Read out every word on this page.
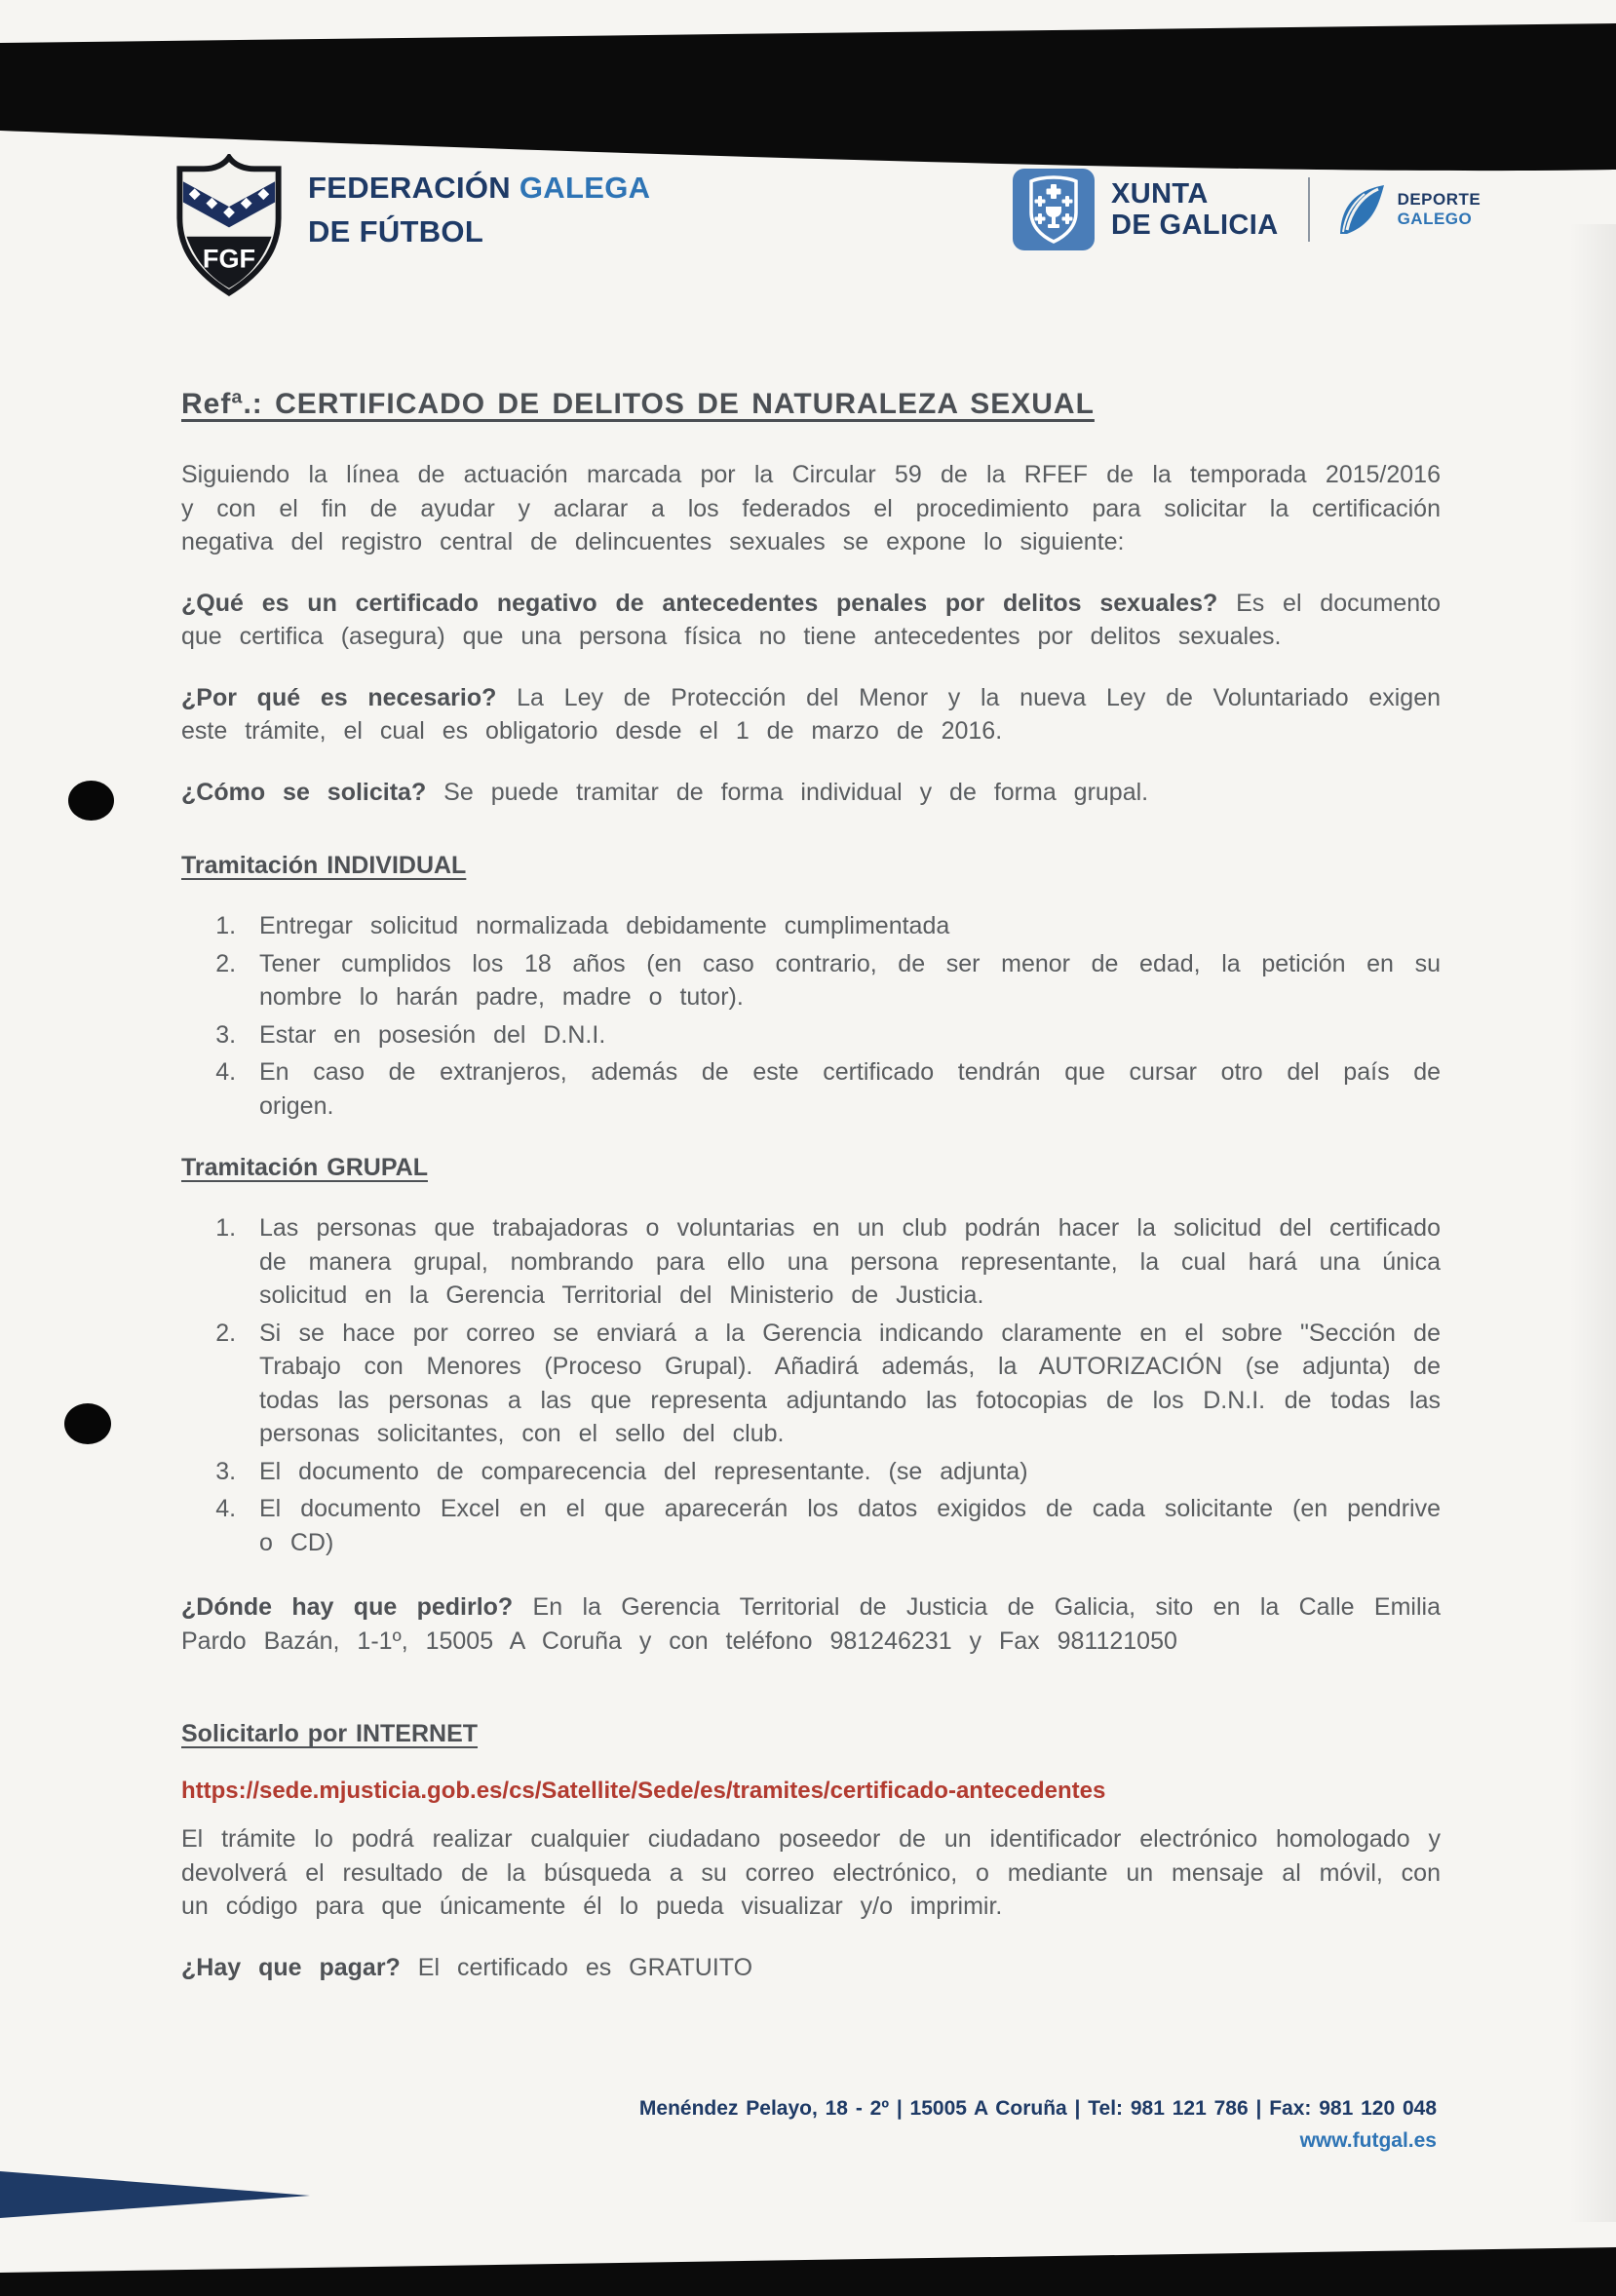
FGF
FEDERACIÓN GALEGA
DE FÚTBOL
XUNTA
DE GALICIA
DEPORTE
GALEGO
Refª.: CERTIFICADO DE DELITOS DE NATURALEZA SEXUAL

Siguiendo la línea de actuación marcada por la Circular 59 de la RFEF de la temporada 2015/2016 y con el fin de ayudar y aclarar a los federados el procedimiento para solicitar la certificación negativa del registro central de delincuentes sexuales se expone lo siguiente:

¿Qué es un certificado negativo de antecedentes penales por delitos sexuales? Es el documento que certifica (asegura) que una persona física no tiene antecedentes por delitos sexuales.

¿Por qué es necesario? La Ley de Protección del Menor y la nueva Ley de Voluntariado exigen este trámite, el cual es obligatorio desde el 1 de marzo de 2016.

¿Cómo se solicita? Se puede tramitar de forma individual y de forma grupal.

Tramitación INDIVIDUAL
1. Entregar solicitud normalizada debidamente cumplimentada
2. Tener cumplidos los 18 años (en caso contrario, de ser menor de edad, la petición en su nombre lo harán padre, madre o tutor).
3. Estar en posesión del D.N.I.
4. En caso de extranjeros, además de este certificado tendrán que cursar otro del país de origen.
Tramitación GRUPAL
1. Las personas que trabajadoras o voluntarias en un club podrán hacer la solicitud del certificado de manera grupal, nombrando para ello una persona representante, la cual hará una única solicitud en la Gerencia Territorial del Ministerio de Justicia.
2. Si se hace por correo se enviará a la Gerencia indicando claramente en el sobre "Sección de Trabajo con Menores (Proceso Grupal). Añadirá además, la AUTORIZACIÓN (se adjunta) de todas las personas a las que representa adjuntando las fotocopias de los D.N.I. de todas las personas solicitantes, con el sello del club.
3. El documento de comparecencia del representante. (se adjunta)
4. El documento Excel en el que aparecerán los datos exigidos de cada solicitante (en pendrive o CD)

¿Dónde hay que pedirlo? En la Gerencia Territorial de Justicia de Galicia, sito en la Calle Emilia Pardo Bazán, 1-1º, 15005 A Coruña y con teléfono 981246231 y Fax 981121050

Solicitarlo por INTERNET
https://sede.mjusticia.gob.es/cs/Satellite/Sede/es/tramites/certificado-antecedentes

El trámite lo podrá realizar cualquier ciudadano poseedor de un identificador electrónico homologado y devolverá el resultado de la búsqueda a su correo electrónico, o mediante un mensaje al móvil, con un código para que únicamente él lo pueda visualizar y/o imprimir.

¿Hay que pagar? El certificado es GRATUITO

Menéndez Pelayo, 18 - 2º | 15005 A Coruña | Tel: 981 121 786 | Fax: 981 120 048
www.futgal.es
